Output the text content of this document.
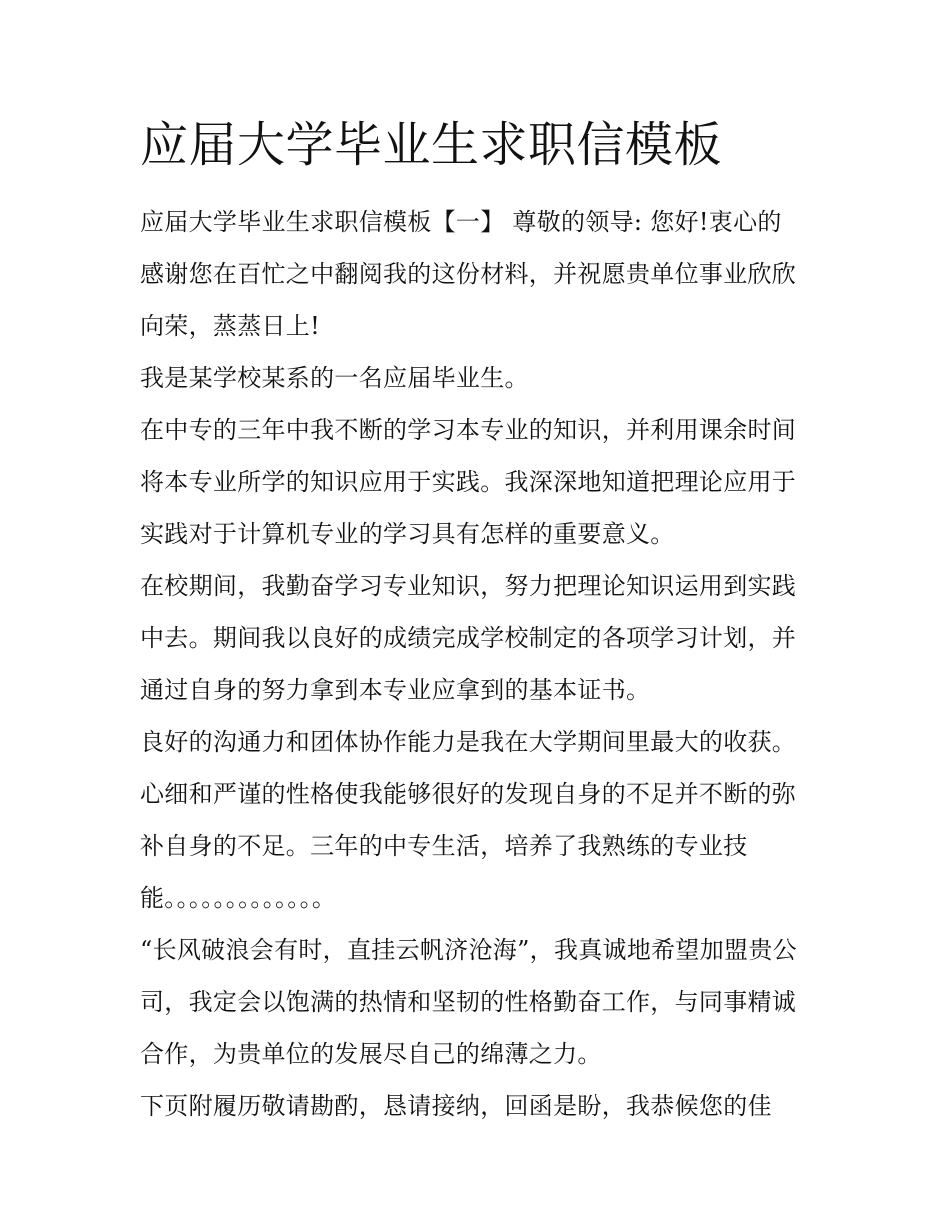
应届大学毕业生求职信模板
应届大学毕业生求职信模板【一】 尊敬的领导: 您好!衷心的
感谢您在百忙之中翻阅我的这份材料，并祝愿贵单位事业欣欣
向荣，蒸蒸日上!
我是某学校某系的一名应届毕业生。
在中专的三年中我不断的学习本专业的知识，并利用课余时间
将本专业所学的知识应用于实践。我深深地知道把理论应用于
实践对于计算机专业的学习具有怎样的重要意义。
在校期间，我勤奋学习专业知识，努力把理论知识运用到实践
中去。期间我以良好的成绩完成学校制定的各项学习计划，并
通过自身的努力拿到本专业应拿到的基本证书。
良好的沟通力和团体协作能力是我在大学期间里最大的收获。
心细和严谨的性格使我能够很好的发现自身的不足并不断的弥
补自身的不足。三年的中专生活，培养了我熟练的专业技
能。。。。。。。。。。。。。
“长风破浪会有时，直挂云帆济沧海”，我真诚地希望加盟贵公
司，我定会以饱满的热情和坚韧的性格勤奋工作，与同事精诚
合作，为贵单位的发展尽自己的绵薄之力。
下页附履历敬请勘酌，恳请接纳，回函是盼，我恭候您的佳
